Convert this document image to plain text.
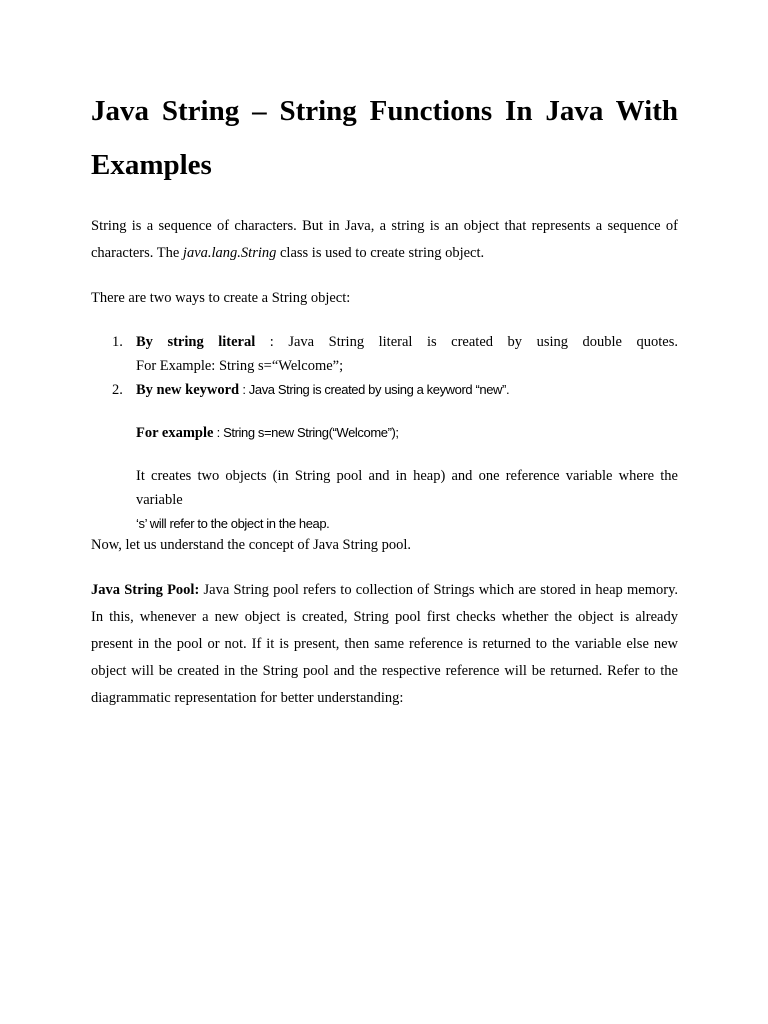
Java String – String Functions In Java With Examples

String is a sequence of characters. But in Java, a string is an object that represents a sequence of characters. The java.lang.String class is used to create string object.

There are two ways to create a String object:

1. By string literal : Java String literal is created by using double quotes.
For Example: String s=“Welcome”;
2. By new keyword : Java String is created by using a keyword “new”.

For example : String s=new String(“Welcome”);

It creates two objects (in String pool and in heap) and one reference variable where the variable
‘s’ will refer to the object in the heap.

Now, let us understand the concept of Java String pool.

Java String Pool: Java String pool refers to collection of Strings which are stored in heap memory. In this, whenever a new object is created, String pool first checks whether the object is already present in the pool or not. If it is present, then same reference is returned to the variable else new object will be created in the String pool and the respective reference will be returned. Refer to the diagrammatic representation for better understanding:
